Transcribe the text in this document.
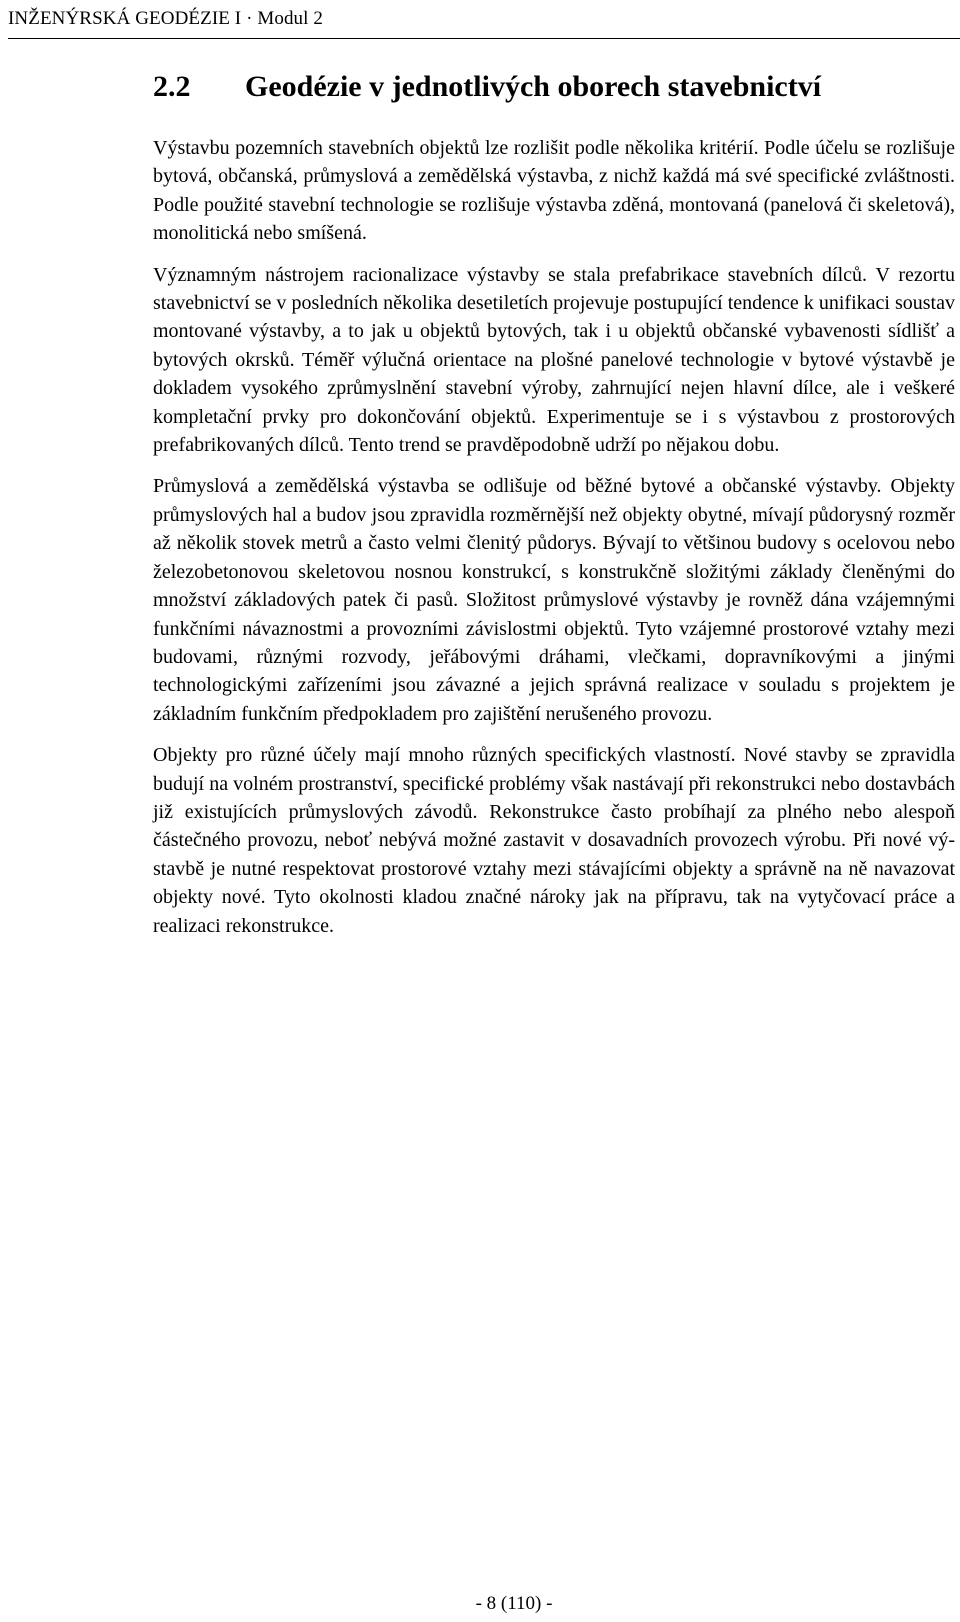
INŽENÝRSKÁ GEODÉZIE I · Modul 2
2.2	Geodézie v jednotlivých oborech stavebnictví

Výstavbu pozemních stavebních objektů lze rozlišit podle několika kritérií. Podle účelu se rozlišuje bytová, občanská, průmyslová a zemědělská výstavba, z nichž každá má své specifické zvláštnosti. Podle použité stavební technologie se rozlišuje výstavba zděná, montovaná (panelová či skeletová), monolitická nebo smíšená.

Významným nástrojem racionalizace výstavby se stala prefabrikace stavebních dílců. V rezortu stavebnictví se v posledních několika desetiletích projevuje postupující tendence k unifikaci soustav montované výstavby, a to jak u objektů bytových, tak i u objektů občanské vybavenosti sídlišť a bytových okrsků. Téměř výlučná orientace na plošné panelové technologie v bytové výstavbě je dokladem vysokého zprůmyslnění stavební výroby, zahrnující nejen hlavní dílce, ale i veškeré kompletační prvky pro dokončování objektů. Experimentuje se i s výstavbou z prostorových prefabrikovaných dílců. Tento trend se pravděpodobně udrží po nějakou dobu.

Průmyslová a zemědělská výstavba se odlišuje od běžné bytové a občanské výstavby. Objekty průmyslových hal a budov jsou zpravidla rozměrnější než objekty obytné, mívají půdorysný rozměr až několik stovek metrů a často velmi členitý půdorys. Bývají to většinou budovy s ocelovou nebo železobetonovou skeletovou nosnou konstrukcí, s konstrukčně složitými základy členěnými do množství základových patek či pasů. Složitost průmyslové výstavby je rovněž dána vzájemnými funkčními návaznostmi a provozními závislostmi objektů. Tyto vzájemné prostorové vztahy mezi budovami, různými rozvody, jeřábovými dráhami, vlečkami, dopravníkovými a jinými technologickými zařízeními jsou závazné a jejich správná realizace v souladu s projektem je základním funkčním předpokladem pro zajištění nerušeného provozu.

Objekty pro různé účely mají mnoho různých specifických vlastností. Nové stavby se zpravidla budují na volném prostranství, specifické problémy však nastávají při rekonstrukci nebo dostavbách již existujících průmyslových závodů. Rekonstrukce často probíhají za plného nebo alespoň částečného provozu, neboť nebývá možné zastavit v dosavadních provozech výrobu. Při nové výstavbě je nutné respektovat prostorové vztahy mezi stávajícími objekty a správně na ně navazovat objekty nové. Tyto okolnosti kladou značné nároky jak na přípravu, tak na vytyčovací práce a realizaci rekonstrukce.

- 8 (110) -
